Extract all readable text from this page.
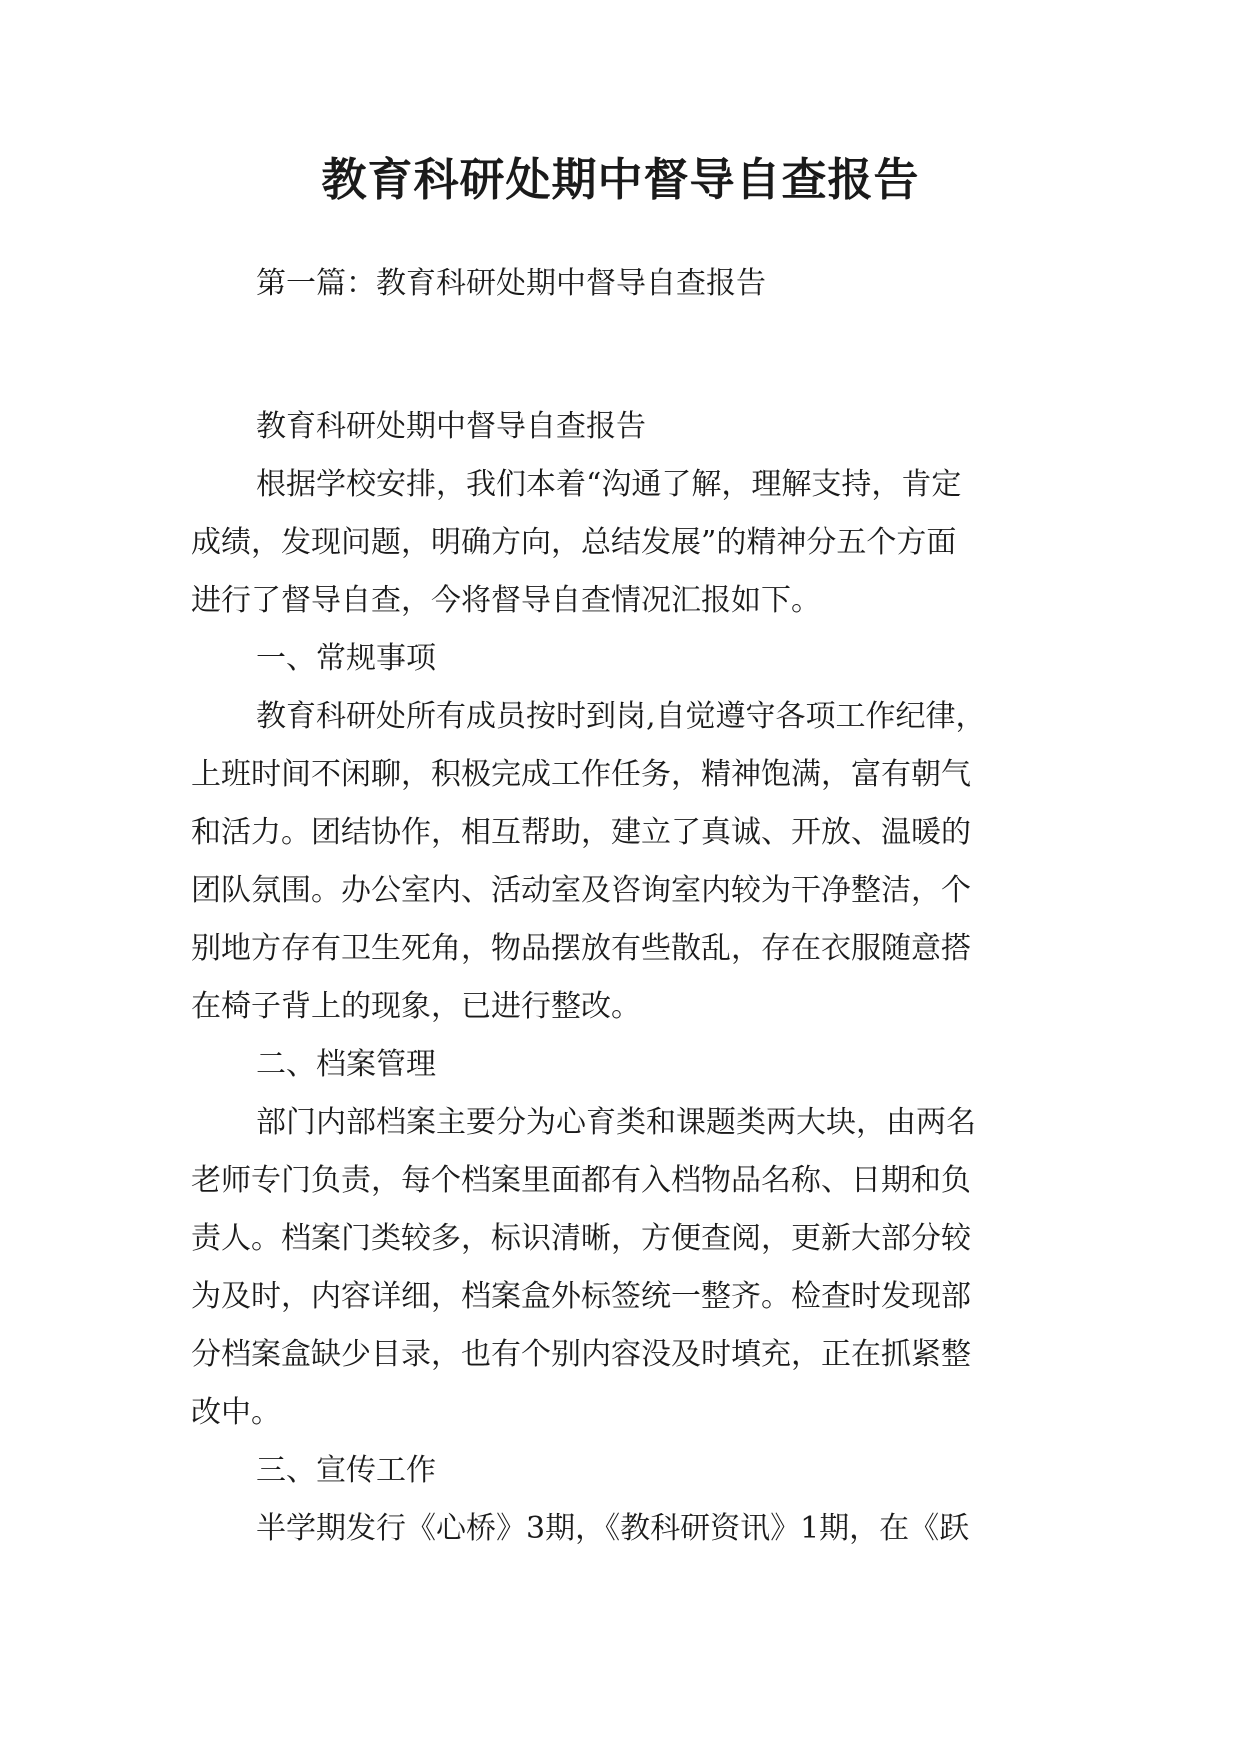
教育科研处期中督导自查报告
第一篇：教育科研处期中督导自查报告
教育科研处期中督导自查报告
根据学校安排，我们本着“沟通了解，理解支持，肯定
成绩，发现问题，明确方向，总结发展”的精神分五个方面
进行了督导自查，今将督导自查情况汇报如下。
一、常规事项
教育科研处所有成员按时到岗,自觉遵守各项工作纪律，
上班时间不闲聊，积极完成工作任务，精神饱满，富有朝气
和活力。团结协作，相互帮助，建立了真诚、开放、温暖的
团队氛围。办公室内、活动室及咨询室内较为干净整洁，个
别地方存有卫生死角，物品摆放有些散乱，存在衣服随意搭
在椅子背上的现象，已进行整改。
二、档案管理
部门内部档案主要分为心育类和课题类两大块，由两名
老师专门负责，每个档案里面都有入档物品名称、日期和负
责人。档案门类较多，标识清晰，方便查阅，更新大部分较
为及时，内容详细，档案盒外标签统一整齐。检查时发现部
分档案盒缺少目录，也有个别内容没及时填充，正在抓紧整
改中。
三、宣传工作
半学期发行《心桥》3期，《教科研资讯》1期，在《跃
